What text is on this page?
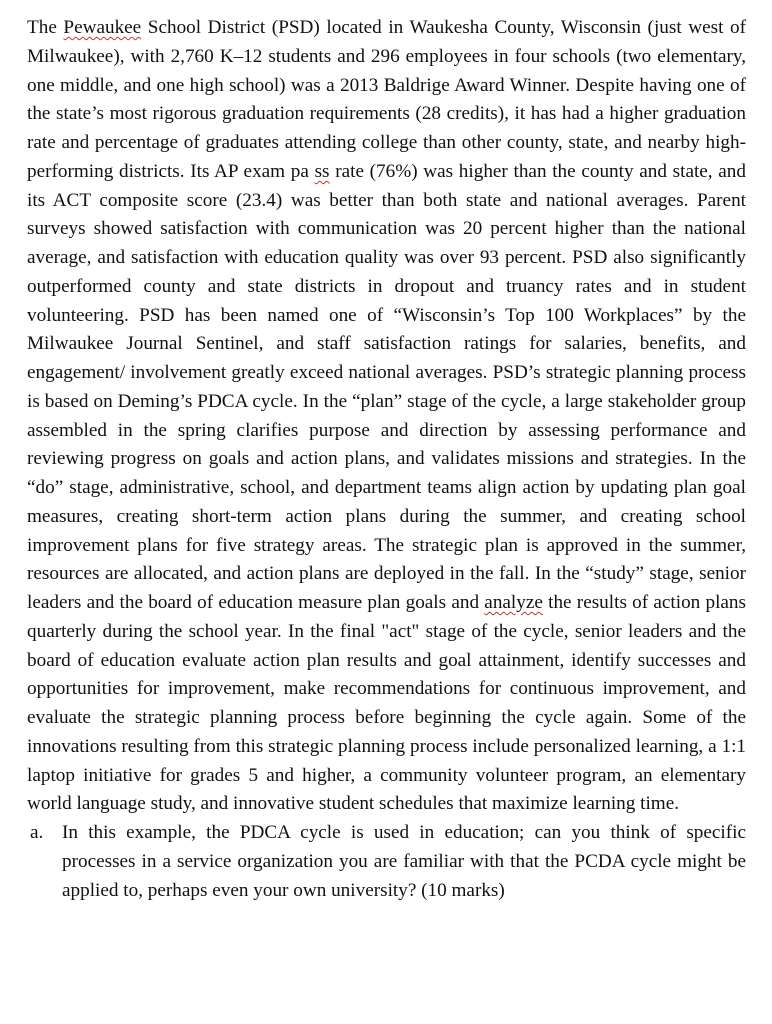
The Pewaukee School District (PSD) located in Waukesha County, Wisconsin (just west of Milwaukee), with 2,760 K–12 students and 296 employees in four schools (two elementary, one middle, and one high school) was a 2013 Baldrige Award Winner. Despite having one of the state’s most rigorous graduation requirements (28 credits), it has had a higher graduation rate and percentage of graduates attending college than other county, state, and nearby high-performing districts. Its AP exam pa ss rate (76%) was higher than the county and state, and its ACT composite score (23.4) was better than both state and national averages. Parent surveys showed satisfaction with communication was 20 percent higher than the national average, and satisfaction with education quality was over 93 percent. PSD also significantly outperformed county and state districts in dropout and truancy rates and in student volunteering. PSD has been named one of “Wisconsin’s Top 100 Workplaces” by the Milwaukee Journal Sentinel, and staff satisfaction ratings for salaries, benefits, and engagement/ involvement greatly exceed national averages. PSD’s strategic planning process is based on Deming’s PDCA cycle. In the “plan” stage of the cycle, a large stakeholder group assembled in the spring clarifies purpose and direction by assessing performance and reviewing progress on goals and action plans, and validates missions and strategies. In the “do” stage, administrative, school, and department teams align action by updating plan goal measures, creating short-term action plans during the summer, and creating school improvement plans for five strategy areas. The strategic plan is approved in the summer, resources are allocated, and action plans are deployed in the fall. In the “study” stage, senior leaders and the board of education measure plan goals and analyze the results of action plans quarterly during the school year. In the final "act" stage of the cycle, senior leaders and the board of education evaluate action plan results and goal attainment, identify successes and opportunities for improvement, make recommendations for continuous improvement, and evaluate the strategic planning process before beginning the cycle again. Some of the innovations resulting from this strategic planning process include personalized learning, a 1:1 laptop initiative for grades 5 and higher, a community volunteer program, an elementary world language study, and innovative student schedules that maximize learning time.

a. In this example, the PDCA cycle is used in education; can you think of specific processes in a service organization you are familiar with that the PCDA cycle might be applied to, perhaps even your own university? (10 marks)
